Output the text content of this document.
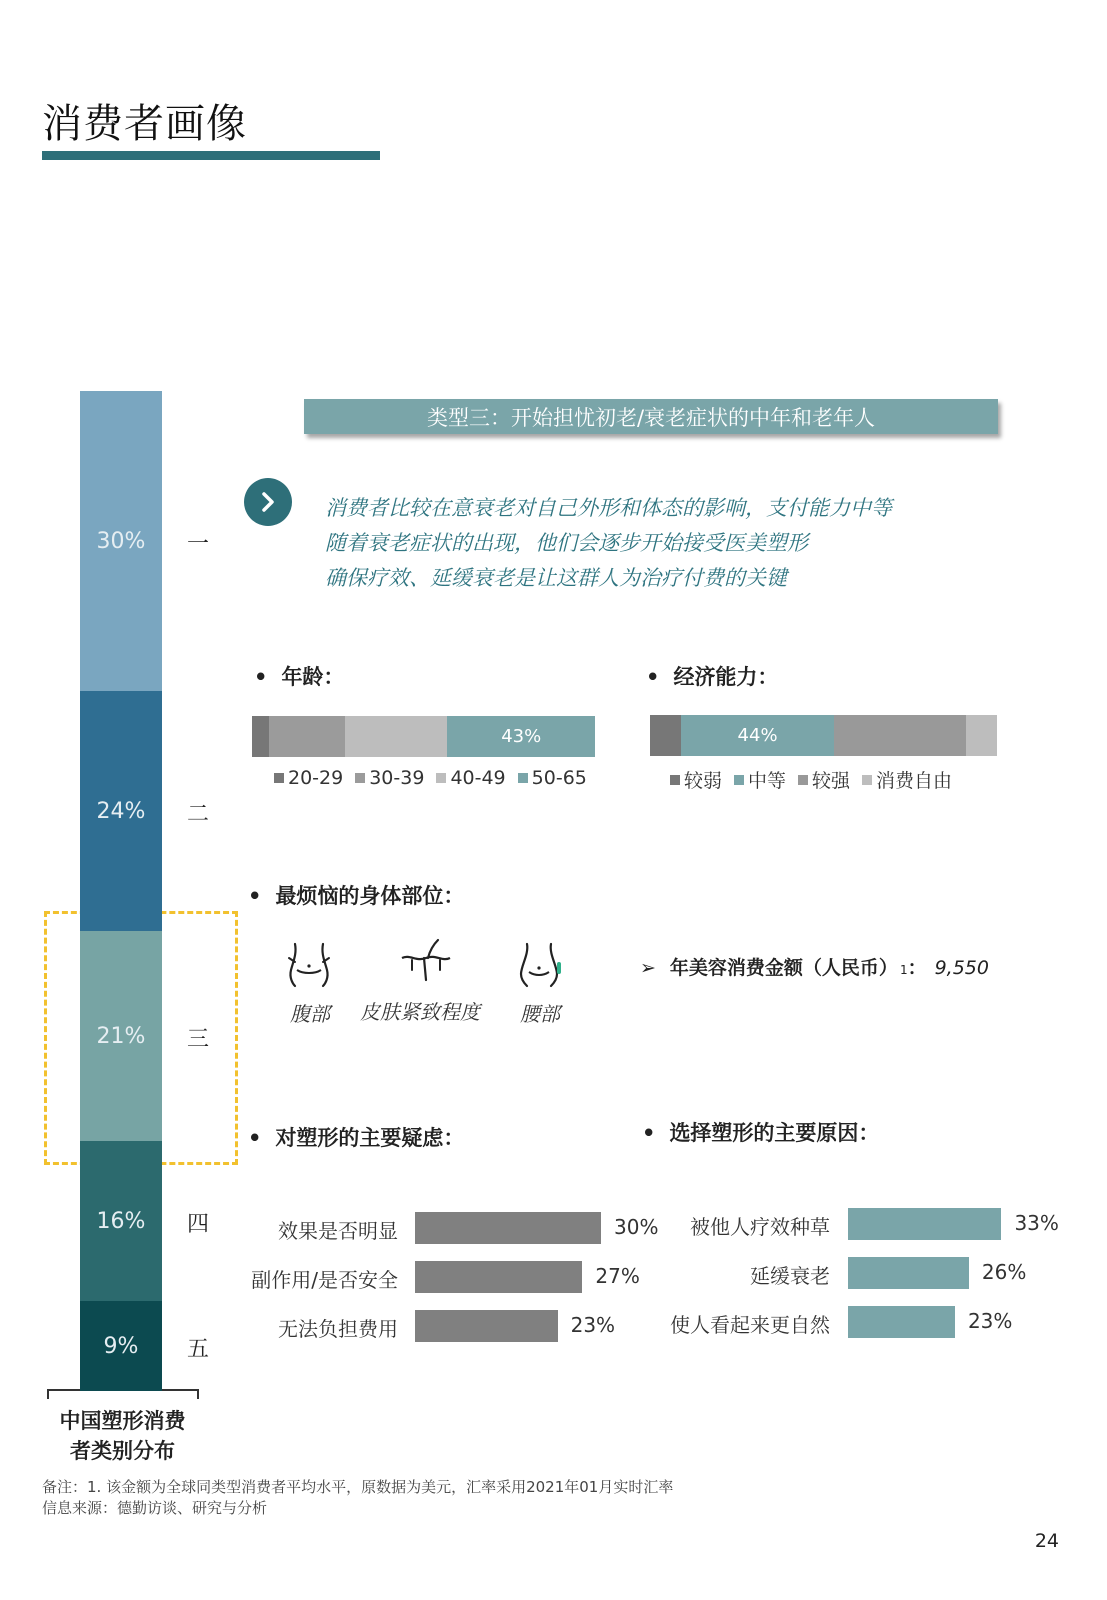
消费者画像
中国塑形消费
者类别分布
类型三：开始担忧初老/衰老症状的中年和老年人
消费者比较在意衰老对自己外形和体态的影响，支付能力中等
随着衰老症状的出现，他们会逐步开始接受医美塑形
确保疗效、延缓衰老是让这群人为治疗付费的关键
• 年龄：
43%
20-29 30-39 40-49 50-65
• 经济能力：
44%
较弱 中等 较强 消费自由
• 最烦恼的身体部位：
腹部	皮肤紧致程度	腰部
➢ 年美容消费金额（人民币） 1 ： 9,550
• 对塑形的主要疑虑：	• 选择塑形的主要原因：
备注：1. 该金额为全球同类型消费者平均水平，原数据为美元，汇率采用2021年01月实时汇率
信息来源：德勤访谈、研究与分析
24
30%	一
24%	二
21%	三
16%	四
9%	五
效果是否明显	30%
副作用/是否安全	27%
无法负担费用	23%
被他人疗效种草	33%
延缓衰老	26%
使人看起来更自然	23%
